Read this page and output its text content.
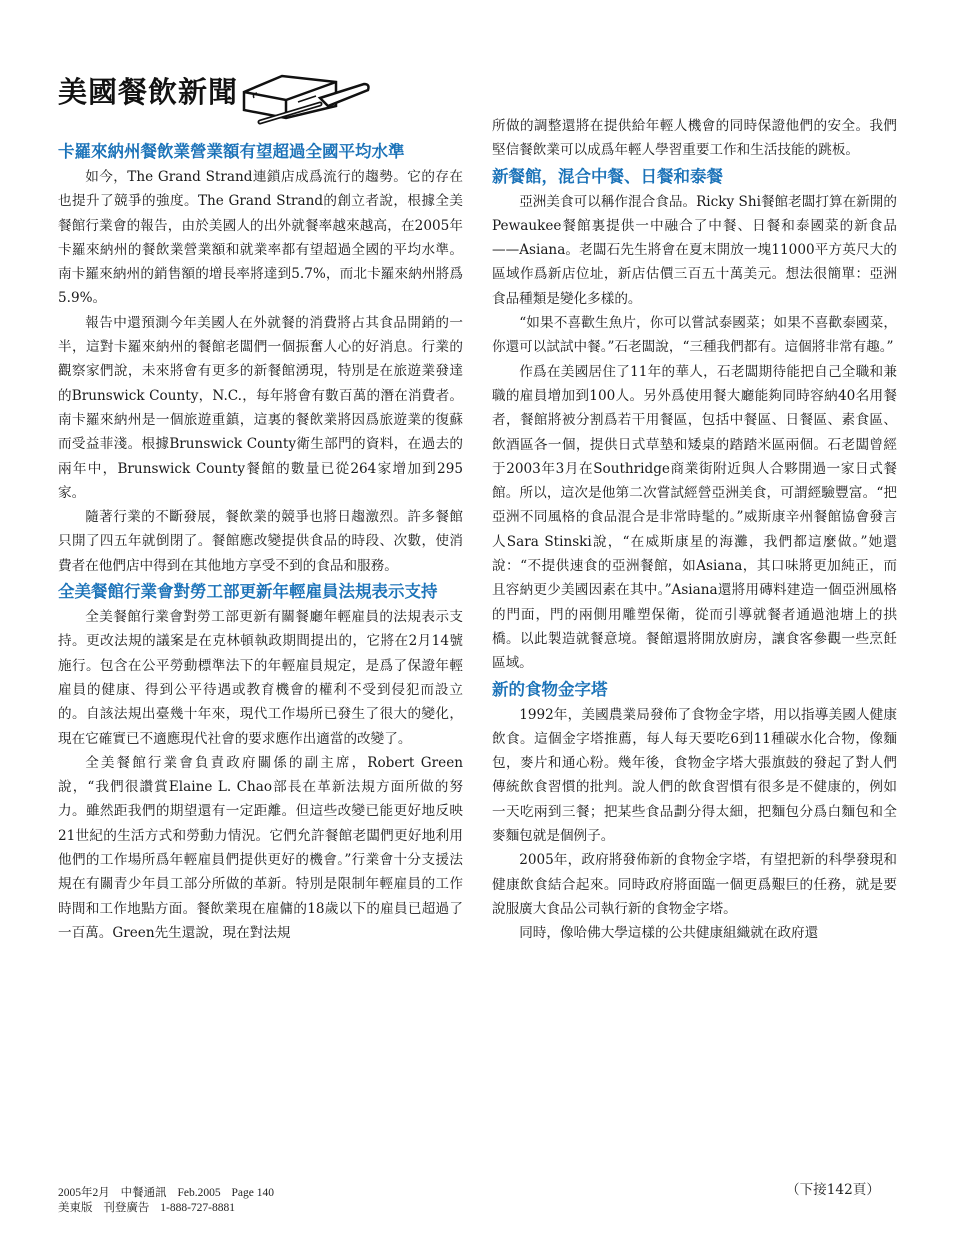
美國餐飲新聞
卡羅來納州餐飲業營業額有望超過全國平均水準

如今，The Grand Strand連鎖店成爲流行的趨勢。它的存在也提升了競爭的強度。The Grand Strand的創立者說，根據全美餐館行業會的報告，由於美國人的出外就餐率越來越高，在2005年卡羅來納州的餐飲業營業額和就業率都有望超過全國的平均水準。南卡羅來納州的銷售額的增長率將達到5.7%，而北卡羅來納州將爲5.9%。

報告中還預測今年美國人在外就餐的消費將占其食品開銷的一半，這對卡羅來納州的餐館老闆們一個振奮人心的好消息。行業的觀察家們說，未來將會有更多的新餐館湧現，特別是在旅遊業發達的Brunswick County，N.C.，每年將會有數百萬的潛在消費者。南卡羅來納州是一個旅遊重鎮，這裏的餐飲業將因爲旅遊業的復蘇而受益菲淺。根據Brunswick County衛生部門的資料，在過去的兩年中，Brunswick County餐館的數量已從264家增加到295家。

隨著行業的不斷發展，餐飲業的競爭也將日趨激烈。許多餐館只開了四五年就倒閉了。餐館應改變提供食品的時段、次數，使消費者在他們店中得到在其他地方享受不到的食品和服務。

全美餐館行業會對勞工部更新年輕雇員法規表示支持

全美餐館行業會對勞工部更新有關餐廳年輕雇員的法規表示支持。更改法規的議案是在克林頓執政期間提出的，它將在2月14號施行。包含在公平勞動標準法下的年輕雇員規定，是爲了保證年輕雇員的健康、得到公平待遇或教育機會的權利不受到侵犯而設立的。自該法規出臺幾十年來，現代工作場所已發生了很大的變化，現在它確實已不適應現代社會的要求應作出適當的改變了。

全美餐館行業會負責政府關係的副主席，Robert Green說，“我們很讚賞Elaine L. Chao部長在革新法規方面所做的努力。雖然距我們的期望還有一定距離。但這些改變已能更好地反映21世紀的生活方式和勞動力情況。它們允許餐館老闆們更好地利用他們的工作場所爲年輕雇員們提供更好的機會。”行業會十分支援法規在有關青少年員工部分所做的革新。特別是限制年輕雇員的工作時間和工作地點方面。餐飲業現在雇傭的18歲以下的雇員已超過了一百萬。Green先生還說，現在對法規

所做的調整還將在提供給年輕人機會的同時保證他們的安全。我們堅信餐飲業可以成爲年輕人學習重要工作和生活技能的跳板。

新餐館，混合中餐、日餐和泰餐

亞洲美食可以稱作混合食品。Ricky Shi餐館老闆打算在新開的Pewaukee餐館裏提供一中融合了中餐、日餐和泰國菜的新食品——Asiana。老闆石先生將會在夏末開放一塊11000平方英尺大的區域作爲新店位址，新店估價三百五十萬美元。想法很簡單：亞洲食品種類是變化多樣的。

“如果不喜歡生魚片，你可以嘗試泰國菜；如果不喜歡泰國菜，你還可以試試中餐。”石老闆說，“三種我們都有。這個將非常有趣。”

作爲在美國居住了11年的華人，石老闆期待能把自己全職和兼職的雇員增加到100人。另外爲使用餐大廳能夠同時容納40名用餐者，餐館將被分割爲若干用餐區，包括中餐區、日餐區、素食區、飲酒區各一個，提供日式草墊和矮桌的踏踏米區兩個。石老闆曾經于2003年3月在Southridge商業街附近與人合夥開過一家日式餐館。所以，這次是他第二次嘗試經營亞洲美食，可謂經驗豐富。“把亞洲不同風格的食品混合是非常時髦的。”威斯康辛州餐館協會發言人Sara Stinski說，“在威斯康星的海灘，我們都這麼做。”她還說：“不提供速食的亞洲餐館，如Asiana，其口味將更加純正，而且容納更少美國因素在其中。”Asiana還將用磚料建造一個亞洲風格的門面，門的兩側用雕塑保衛，從而引導就餐者通過池塘上的拱橋。以此製造就餐意境。餐館還將開放廚房，讓食客參觀一些烹飪區域。

新的食物金字塔

1992年，美國農業局發佈了食物金字塔，用以指導美國人健康飲食。這個金字塔推薦，每人每天要吃6到11種碳水化合物，像麵包，麥片和通心粉。幾年後，食物金字塔大張旗鼓的發起了對人們傳統飲食習慣的批判。說人們的飲食習慣有很多是不健康的，例如一天吃兩到三餐；把某些食品劃分得太細，把麵包分爲白麵包和全麥麵包就是個例子。

2005年，政府將發佈新的食物金字塔，有望把新的科學發現和健康飲食結合起來。同時政府將面臨一個更爲艱巨的任務，就是要說服廣大食品公司執行新的食物金字塔。

同時，像哈佛大學這樣的公共健康組織就在政府還

（下接142頁）
2005年2月 中餐通訊 Feb.2005 Page 140
美東版 刊登廣告 1-888-727-8881
